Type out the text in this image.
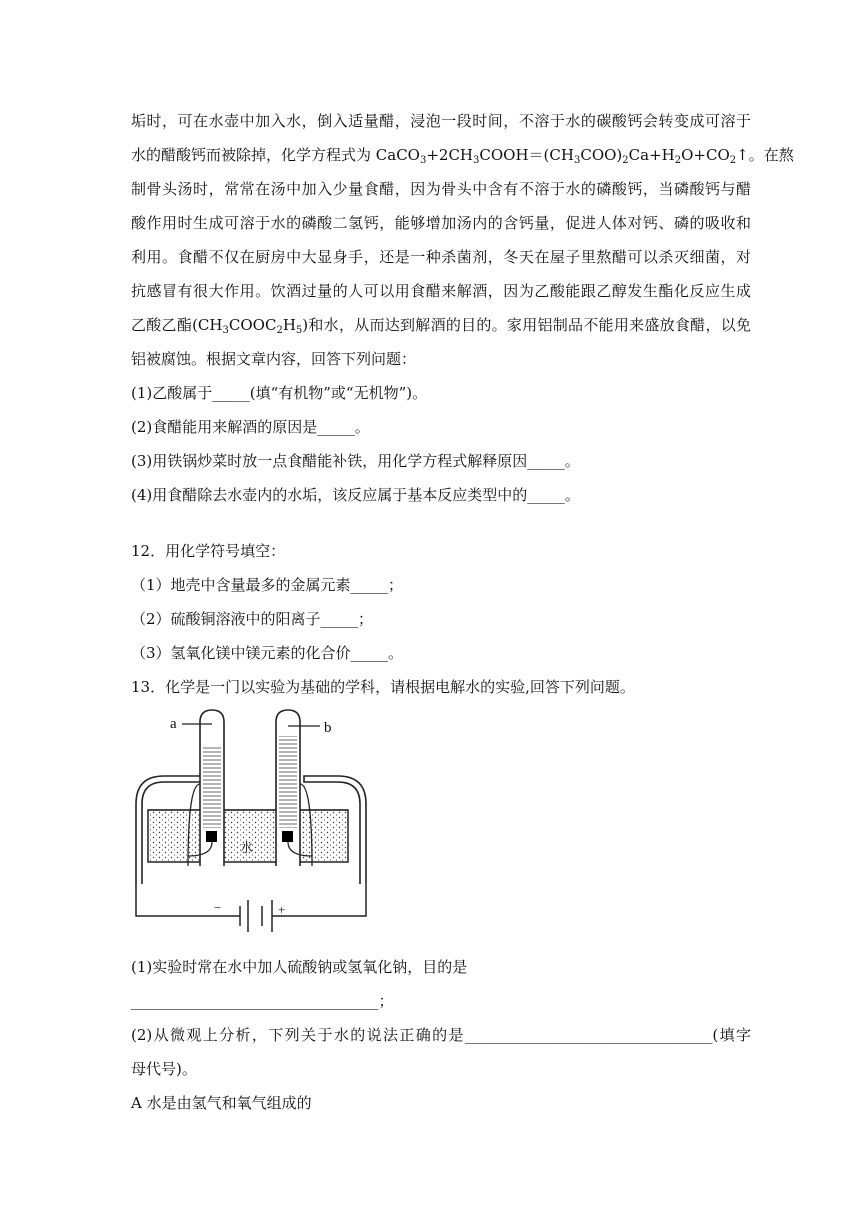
垢时，可在水壶中加入水，倒入适量醋，浸泡一段时间，不溶于水的碳酸钙会转变成可溶于
水的醋酸钙而被除掉，化学方程式为 $CaCO_3+2CH_3COOH=(CH_3COO)_2Ca+H_2O+CO_2↑$。在熬
制骨头汤时，常常在汤中加入少量食醋，因为骨头中含有不溶于水的磷酸钙，当磷酸钙与醋
酸作用时生成可溶于水的磷酸二氢钙，能够增加汤内的含钙量，促进人体对钙、磷的吸收和
利用。食醋不仅在厨房中大显身手，还是一种杀菌剂，冬天在屋子里熬醋可以杀灭细菌，对
抗感冒有很大作用。饮酒过量的人可以用食醋来解酒，因为乙酸能跟乙醇发生酯化反应生成
乙酸乙酯$(CH_3COOC_2H_5)$和水，从而达到解酒的目的。家用铝制品不能用来盛放食醋，以免
铝被腐蚀。根据文章内容，回答下列问题：
(1)乙酸属于_____(填“有机物”或“无机物”)。
(2)食醋能用来解酒的原因是_____。
(3)用铁锅炒菜时放一点食醋能补铁，用化学方程式解释原因_____。
(4)用食醋除去水壶内的水垢，该反应属于基本反应类型中的_____。
12．用化学符号填空：
（1）地壳中含量最多的金属元素_____；
（2）硫酸铜溶液中的阳离子_____；
（3）氢氧化镁中镁元素的化合价_____。
13．化学是一门以实验为基础的学科，请根据电解水的实验,回答下列问题。
a	b
水
−	+
(1)实验时常在水中加人硫酸钠或氢氧化钠，目的是
_________________________________；
(2)从微观上分析，下列关于水的说法正确的是_________________________________(填字
母代号)。
A 水是由氢气和氧气组成的
